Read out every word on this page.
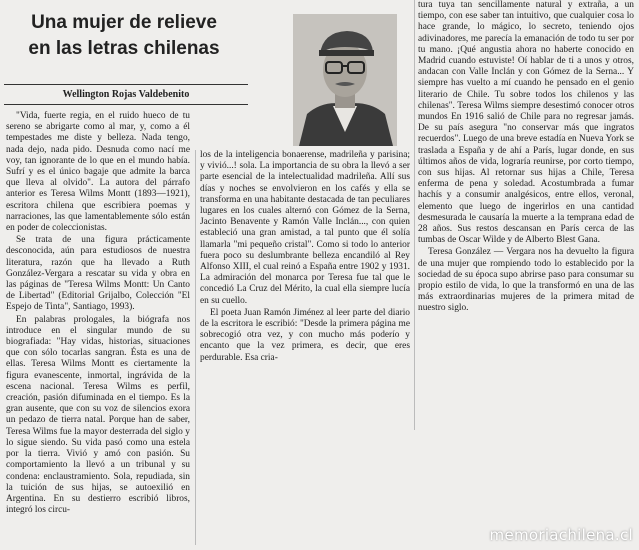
Una mujer de relieve
en las letras chilenas
Wellington Rojas Valdebenito

"Vida, fuerte regia, en el ruido hueco de tu sereno se abrigarte como al mar, y, como a él tempestades me diste y belleza. Nada tengo, nada dejo, nada pido. Desnuda como nací me voy, tan ignorante de lo que en el mundo había. Sufrí y es el único bagaje que admite la barca que lleva al olvido". La autora del párrafo anterior es Teresa Wilms Montt (1893—1921), escritora chilena que escribiera poemas y narraciones, las que lamentablemente sólo están en poder de coleccionistas.

Se trata de una figura prácticamente desconocida, aún para estudiosos de nuestra literatura, razón que ha llevado a Ruth González-Vergara a rescatar su vida y obra en las páginas de "Teresa Wilms Montt: Un Canto de Libertad" (Editorial Grijalbo, Colección "El Espejo de Tinta", Santiago, 1993).

En palabras prologales, la biógrafa nos introduce en el singular mundo de su biografiada: "Hay vidas, historias, situaciones que con sólo tocarlas sangran. Ésta es una de ellas. Teresa Wilms Montt es ciertamente la figura evanescente, inmortal, ingrávida de la escena nacional. Teresa Wilms es perfil, creación, pasión difuminada en el tiempo. Es la gran ausente, que con su voz de silencios exora un pedazo de tierra natal. Porque han de saber, Teresa Wilms fue la mayor desterrada del siglo y lo sigue siendo. Su vida pasó como una estela por la tierra. Vivió y amó con pasión. Su comportamiento la llevó a un tribunal y su condena: enclaustramiento. Sola, repudiada, sin la tuición de sus hijas, se autoexilió en Argentina. En su destierro escribió libros, integró los circu-

los de la inteligencia bonaerense, madrileña y parisina; y vivió...! sola. La importancia de su obra la llevó a ser parte esencial de la intelectualidad madrileña. Allí sus días y noches se envolvieron en los cafés y ella se transforma en una habitante destacada de tan peculiares lugares en los cuales alternó con Gómez de la Serna, Jacinto Benavente y Ramón Valle Inclán..., con quien estableció una gran amistad, a tal punto que él solía llamarla "mi pequeño cristal". Como si todo lo anterior fuera poco su deslumbrante belleza encandiló al Rey Alfonso XIII, el cual reinó a España entre 1902 y 1931. La admiración del monarca por Teresa fue tal que le concedió La Cruz del Mérito, la cual ella siempre lucía en su cuello.

El poeta Juan Ramón Jiménez al leer parte del diario de la escritora le escribió: "Desde la primera página me sobrecogió otra vez, y con mucho más poderío y encanto que la vez primera, es decir, que eres perdurable. Esa cria-

tura tuya tan sencillamente natural y extraña, a un tiempo, con ese saber tan intuitivo, que cualquier cosa lo hace grande, lo mágico, lo secreto, teniendo ojos adivinadores, me parecía la emanación de todo tu ser por tu mano. ¡Qué angustia ahora no haberte conocido en Madrid cuando estuviste! Oí hablar de ti a unos y otros, andacan con Valle Inclán y con Gómez de la Serna... Y siempre has vuelto a mí cuando he pensado en el genio literario de Chile. Tu sobre todos los chilenos y las chilenas". Teresa Wilms siempre desestimó conocer otros mundos En 1916 salió de Chile para no regresar jamás. De su país asegura "no conservar más que ingratos recuerdos". Luego de una breve estadía en Nueva York se traslada a España y de ahí a París, lugar donde, en sus últimos años de vida, lograría reunirse, por corto tiempo, con sus hijas. Al retornar sus hijas a Chile, Teresa enferma de pena y soledad. Acostumbrada a fumar hachís y a consumir analgésicos, entre ellos, veronal, elemento que luego de ingerirlos en una cantidad desmesurada le causaría la muerte a la temprana edad de 28 años. Sus restos descansan en París cerca de las tumbas de Oscar Wilde y de Alberto Blest Gana.

Teresa González — Vergara nos ha devuelto la figura de una mujer que rompiendo todo lo establecido por la sociedad de su época supo abrirse paso para consumar su propio estilo de vida, lo que la transformó en una de las más extraordinarias mujeres de la primera mitad de nuestro siglo.

memoriachilena.cl
